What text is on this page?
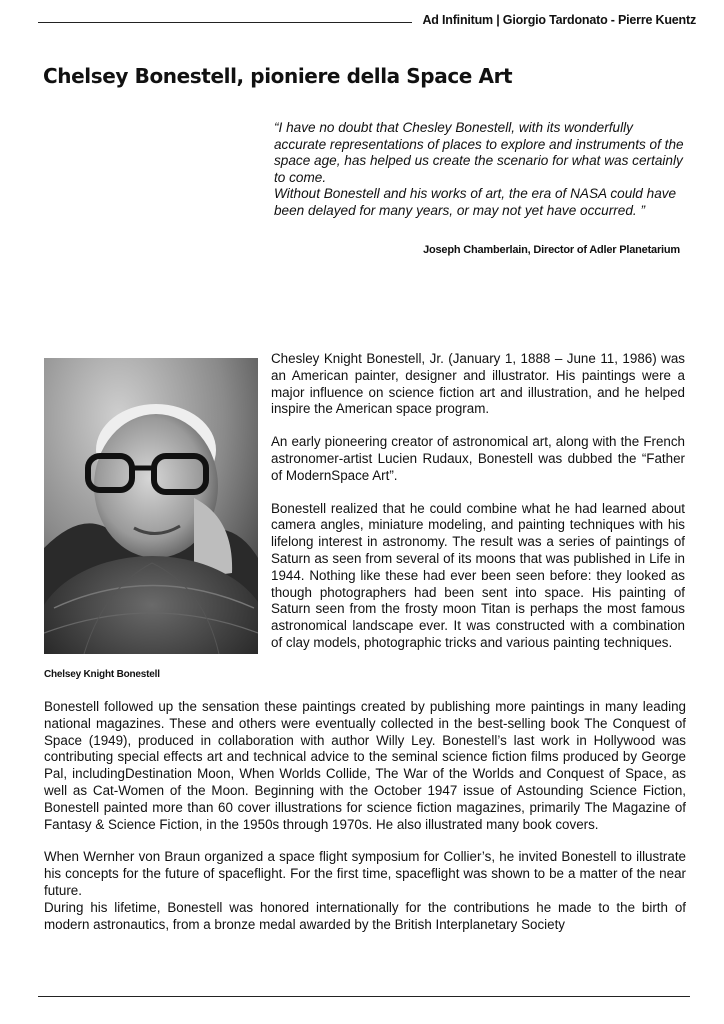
Ad Infinitum | Giorgio Tardonato - Pierre Kuentz
Chelsey Bonestell, pioniere della Space Art

“I have no doubt that Chesley Bonestell, with its wonderfully accurate representations of places to explore and instruments of the space age, has helped us create the scenario for what was certainly to come.

Without Bonestell and his works of art, the era of NASA could have been delayed for many years, or may not yet have occurred. ”

Joseph Chamberlain, Director of Adler Planetarium
Chelsey Knight Bonestell

Chesley Knight Bonestell, Jr. (January 1, 1888 – June 11, 1986) was an American painter, designer and illustrator. His paintings were a major influence on science fiction art and illustration, and he helped inspire the American space program.

An early pioneering creator of astronomical art, along with the French astronomer-artist Lucien Rudaux, Bonestell was dubbed the “Father of ModernSpace Art”.

Bonestell realized that he could combine what he had learned about camera angles, miniature modeling, and painting techniques with his lifelong interest in astronomy. The result was a series of paintings of Saturn as seen from several of its moons that was published in Life in 1944. Nothing like these had ever been seen before: they looked as though photographers had been sent into space. His painting of Saturn seen from the frosty moon Titan is perhaps the most famous astronomical landscape ever. It was constructed with a combination of clay models, photographic tricks and various painting techniques.

Bonestell followed up the sensation these paintings created by publishing more paintings in many leading national magazines. These and others were eventually collected in the best-selling book The Conquest of Space (1949), produced in collaboration with author Willy Ley. Bonestell’s last work in Hollywood was contributing special effects art and technical advice to the seminal science fiction films produced by George Pal, includingDestination Moon, When Worlds Collide, The War of the Worlds and Conquest of Space, as well as Cat-Women of the Moon. Beginning with the October 1947 issue of Astounding Science Fiction, Bonestell painted more than 60 cover illustrations for science fiction magazines, primarily The Magazine of Fantasy & Science Fiction, in the 1950s through 1970s. He also illustrated many book covers.

When Wernher von Braun organized a space flight symposium for Collier’s, he invited Bonestell to illustrate his concepts for the future of spaceflight. For the first time, spaceflight was shown to be a matter of the near future.

During his lifetime, Bonestell was honored internationally for the contributions he made to the birth of modern astronautics, from a bronze medal awarded by the British Interplanetary Society
